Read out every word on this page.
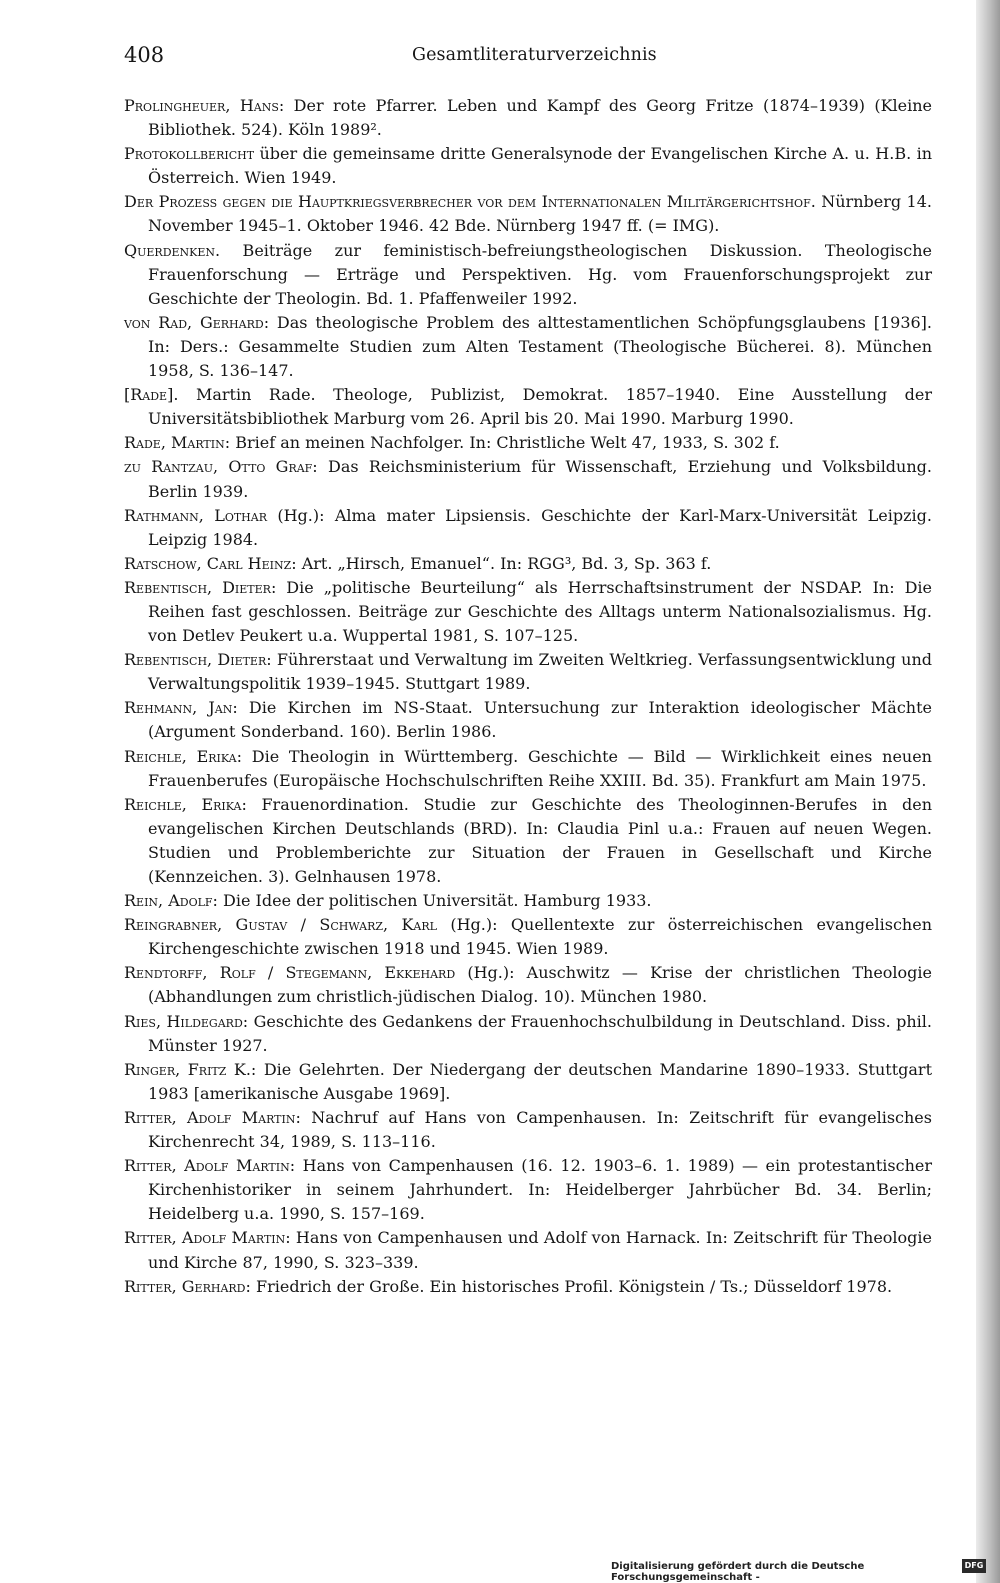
408	Gesamtliteraturverzeichnis

Prolingheuer, Hans: Der rote Pfarrer. Leben und Kampf des Georg Fritze (1874–1939) (Kleine Bibliothek. 524). Köln 1989².

Protokollbericht über die gemeinsame dritte Generalsynode der Evangelischen Kirche A. u. H.B. in Österreich. Wien 1949.

Der Prozess gegen die Hauptkriegsverbrecher vor dem Internationalen Militärgerichtshof. Nürnberg 14. November 1945–1. Oktober 1946. 42 Bde. Nürnberg 1947 ff. (= IMG).

Querdenken. Beiträge zur feministisch-befreiungstheologischen Diskussion. Theologische Frauenforschung — Erträge und Perspektiven. Hg. vom Frauenforschungsprojekt zur Geschichte der Theologin. Bd. 1. Pfaffenweiler 1992.

von Rad, Gerhard: Das theologische Problem des alttestamentlichen Schöpfungsglaubens [1936]. In: Ders.: Gesammelte Studien zum Alten Testament (Theologische Bücherei. 8). München 1958, S. 136–147.

[Rade]. Martin Rade. Theologe, Publizist, Demokrat. 1857–1940. Eine Ausstellung der Universitätsbibliothek Marburg vom 26. April bis 20. Mai 1990. Marburg 1990.

Rade, Martin: Brief an meinen Nachfolger. In: Christliche Welt 47, 1933, S. 302 f.

zu Rantzau, Otto Graf: Das Reichsministerium für Wissenschaft, Erziehung und Volksbildung. Berlin 1939.

Rathmann, Lothar (Hg.): Alma mater Lipsiensis. Geschichte der Karl-Marx-Universität Leipzig. Leipzig 1984.

Ratschow, Carl Heinz: Art. „Hirsch, Emanuel“. In: RGG³, Bd. 3, Sp. 363 f.

Rebentisch, Dieter: Die „politische Beurteilung“ als Herrschaftsinstrument der NSDAP. In: Die Reihen fast geschlossen. Beiträge zur Geschichte des Alltags unterm Nationalsozialismus. Hg. von Detlev Peukert u.a. Wuppertal 1981, S. 107–125.

Rebentisch, Dieter: Führerstaat und Verwaltung im Zweiten Weltkrieg. Verfassungsentwicklung und Verwaltungspolitik 1939–1945. Stuttgart 1989.

Rehmann, Jan: Die Kirchen im NS-Staat. Untersuchung zur Interaktion ideologischer Mächte (Argument Sonderband. 160). Berlin 1986.

Reichle, Erika: Die Theologin in Württemberg. Geschichte — Bild — Wirklichkeit eines neuen Frauenberufes (Europäische Hochschulschriften Reihe XXIII. Bd. 35). Frankfurt am Main 1975.

Reichle, Erika: Frauenordination. Studie zur Geschichte des Theologinnen-Berufes in den evangelischen Kirchen Deutschlands (BRD). In: Claudia Pinl u.a.: Frauen auf neuen Wegen. Studien und Problemberichte zur Situation der Frauen in Gesellschaft und Kirche (Kennzeichen. 3). Gelnhausen 1978.

Rein, Adolf: Die Idee der politischen Universität. Hamburg 1933.

Reingrabner, Gustav / Schwarz, Karl (Hg.): Quellentexte zur österreichischen evangelischen Kirchengeschichte zwischen 1918 und 1945. Wien 1989.

Rendtorff, Rolf / Stegemann, Ekkehard (Hg.): Auschwitz — Krise der christlichen Theologie (Abhandlungen zum christlich-jüdischen Dialog. 10). München 1980.

Ries, Hildegard: Geschichte des Gedankens der Frauenhochschulbildung in Deutschland. Diss. phil. Münster 1927.

Ringer, Fritz K.: Die Gelehrten. Der Niedergang der deutschen Mandarine 1890–1933. Stuttgart 1983 [amerikanische Ausgabe 1969].

Ritter, Adolf Martin: Nachruf auf Hans von Campenhausen. In: Zeitschrift für evangelisches Kirchenrecht 34, 1989, S. 113–116.

Ritter, Adolf Martin: Hans von Campenhausen (16. 12. 1903–6. 1. 1989) — ein protestantischer Kirchenhistoriker in seinem Jahrhundert. In: Heidelberger Jahrbücher Bd. 34. Berlin; Heidelberg u.a. 1990, S. 157–169.

Ritter, Adolf Martin: Hans von Campenhausen und Adolf von Harnack. In: Zeitschrift für Theologie und Kirche 87, 1990, S. 323–339.

Ritter, Gerhard: Friedrich der Große. Ein historisches Profil. Königstein / Ts.; Düsseldorf 1978.

Digitalisierung gefördert durch die Deutsche Forschungsgemeinschaft -
DFG
